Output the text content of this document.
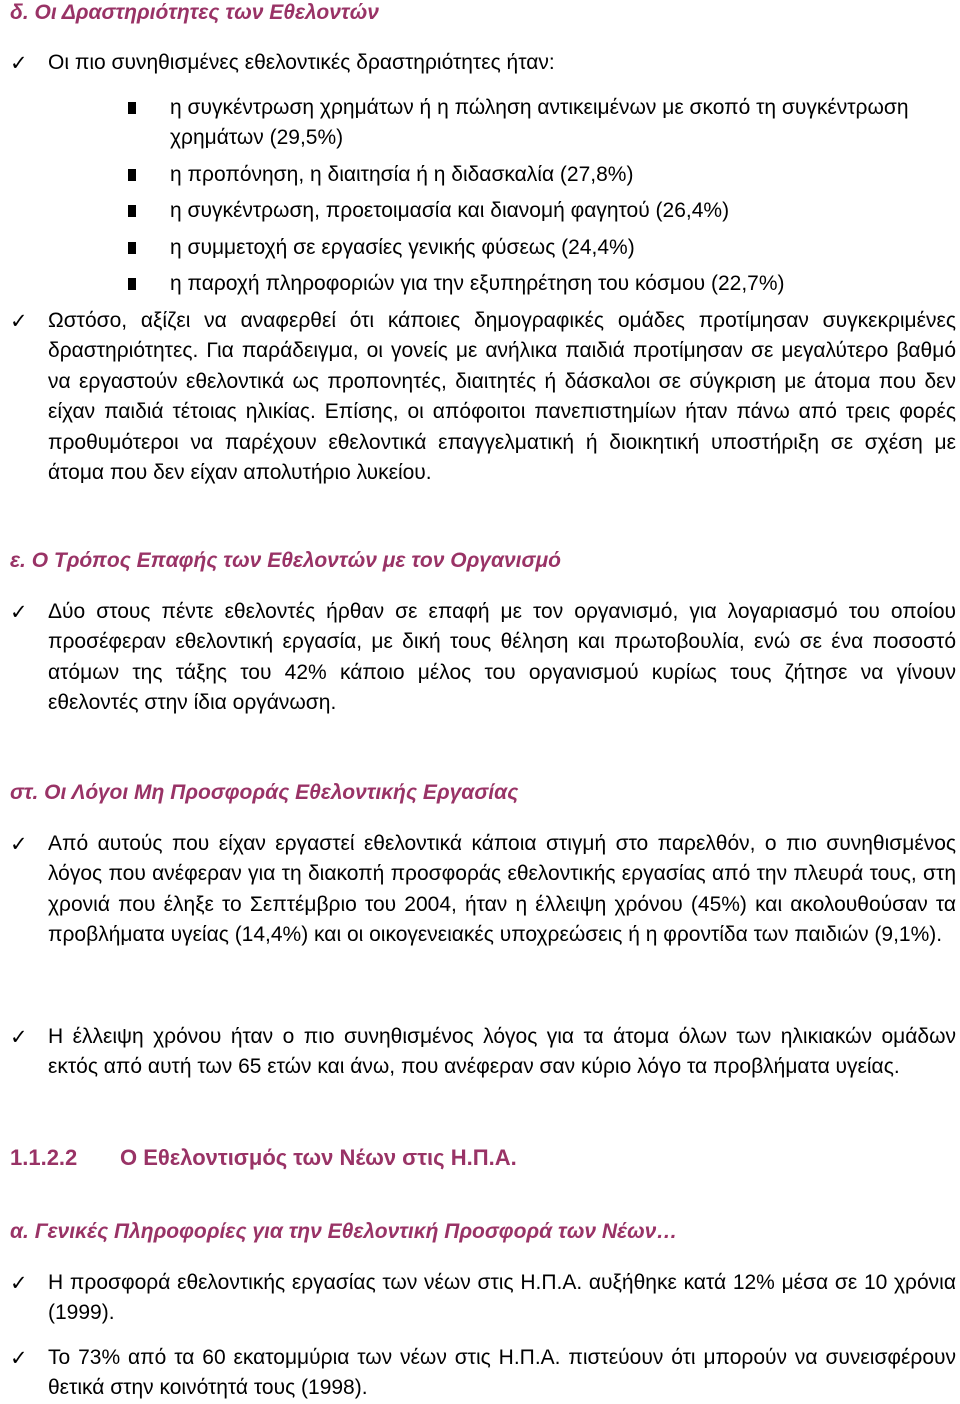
δ. Οι Δραστηριότητες των Εθελοντών
✓ Οι πιο συνηθισμένες εθελοντικές δραστηριότητες ήταν:

η συγκέντρωση χρημάτων ή η πώληση αντικειμένων με σκοπό τη συγκέντρωση χρημάτων (29,5%)
η προπόνηση, η διαιτησία ή η διδασκαλία (27,8%)
η συγκέντρωση, προετοιμασία και διανομή φαγητού (26,4%)
η συμμετοχή σε εργασίες γενικής φύσεως (24,4%)
η παροχή πληροφοριών για την εξυπηρέτηση του κόσμου (22,7%)
✓ Ωστόσο, αξίζει να αναφερθεί ότι κάποιες δημογραφικές ομάδες προτίμησαν συγκεκριμένες δραστηριότητες. Για παράδειγμα, οι γονείς με ανήλικα παιδιά προτίμησαν σε μεγαλύτερο βαθμό να εργαστούν εθελοντικά ως προπονητές, διαιτητές ή δάσκαλοι σε σύγκριση με άτομα που δεν είχαν παιδιά τέτοιας ηλικίας. Επίσης, οι απόφοιτοι πανεπιστημίων ήταν πάνω από τρεις φορές προθυμότεροι να παρέχουν εθελοντικά επαγγελματική ή διοικητική υποστήριξη σε σχέση με άτομα που δεν είχαν απολυτήριο λυκείου.

ε. Ο Τρόπος Επαφής των Εθελοντών με τον Οργανισμό
✓ Δύο στους πέντε εθελοντές ήρθαν σε επαφή με τον οργανισμό, για λογαριασμό του οποίου προσέφεραν εθελοντική εργασία, με δική τους θέληση και πρωτοβουλία, ενώ σε ένα ποσοστό ατόμων της τάξης του 42% κάποιο μέλος του οργανισμού κυρίως τους ζήτησε να γίνουν εθελοντές στην ίδια οργάνωση.

στ. Οι Λόγοι Μη Προσφοράς Εθελοντικής Εργασίας
✓ Από αυτούς που είχαν εργαστεί εθελοντικά κάποια στιγμή στο παρελθόν, ο πιο συνηθισμένος λόγος που ανέφεραν για τη διακοπή προσφοράς εθελοντικής εργασίας από την πλευρά τους, στη χρονιά που έληξε το Σεπτέμβριο του 2004, ήταν η έλλειψη χρόνου (45%) και ακολουθούσαν τα προβλήματα υγείας (14,4%) και οι οικογενειακές υποχρεώσεις ή η φροντίδα των παιδιών (9,1%).

✓ Η έλλειψη χρόνου ήταν ο πιο συνηθισμένος λόγος για τα άτομα όλων των ηλικιακών ομάδων εκτός από αυτή των 65 ετών και άνω, που ανέφεραν σαν κύριο λόγο τα προβλήματα υγείας.

1.1.2.2 Ο Εθελοντισμός των Νέων στις Η.Π.Α.
α. Γενικές Πληροφορίες για την Εθελοντική Προσφορά των Νέων…
✓ Η προσφορά εθελοντικής εργασίας των νέων στις Η.Π.Α. αυξήθηκε κατά 12% μέσα σε 10 χρόνια (1999).

✓ Το 73% από τα 60 εκατομμύρια των νέων στις Η.Π.Α. πιστεύουν ότι μπορούν να συνεισφέρουν θετικά στην κοινότητά τους (1998).
